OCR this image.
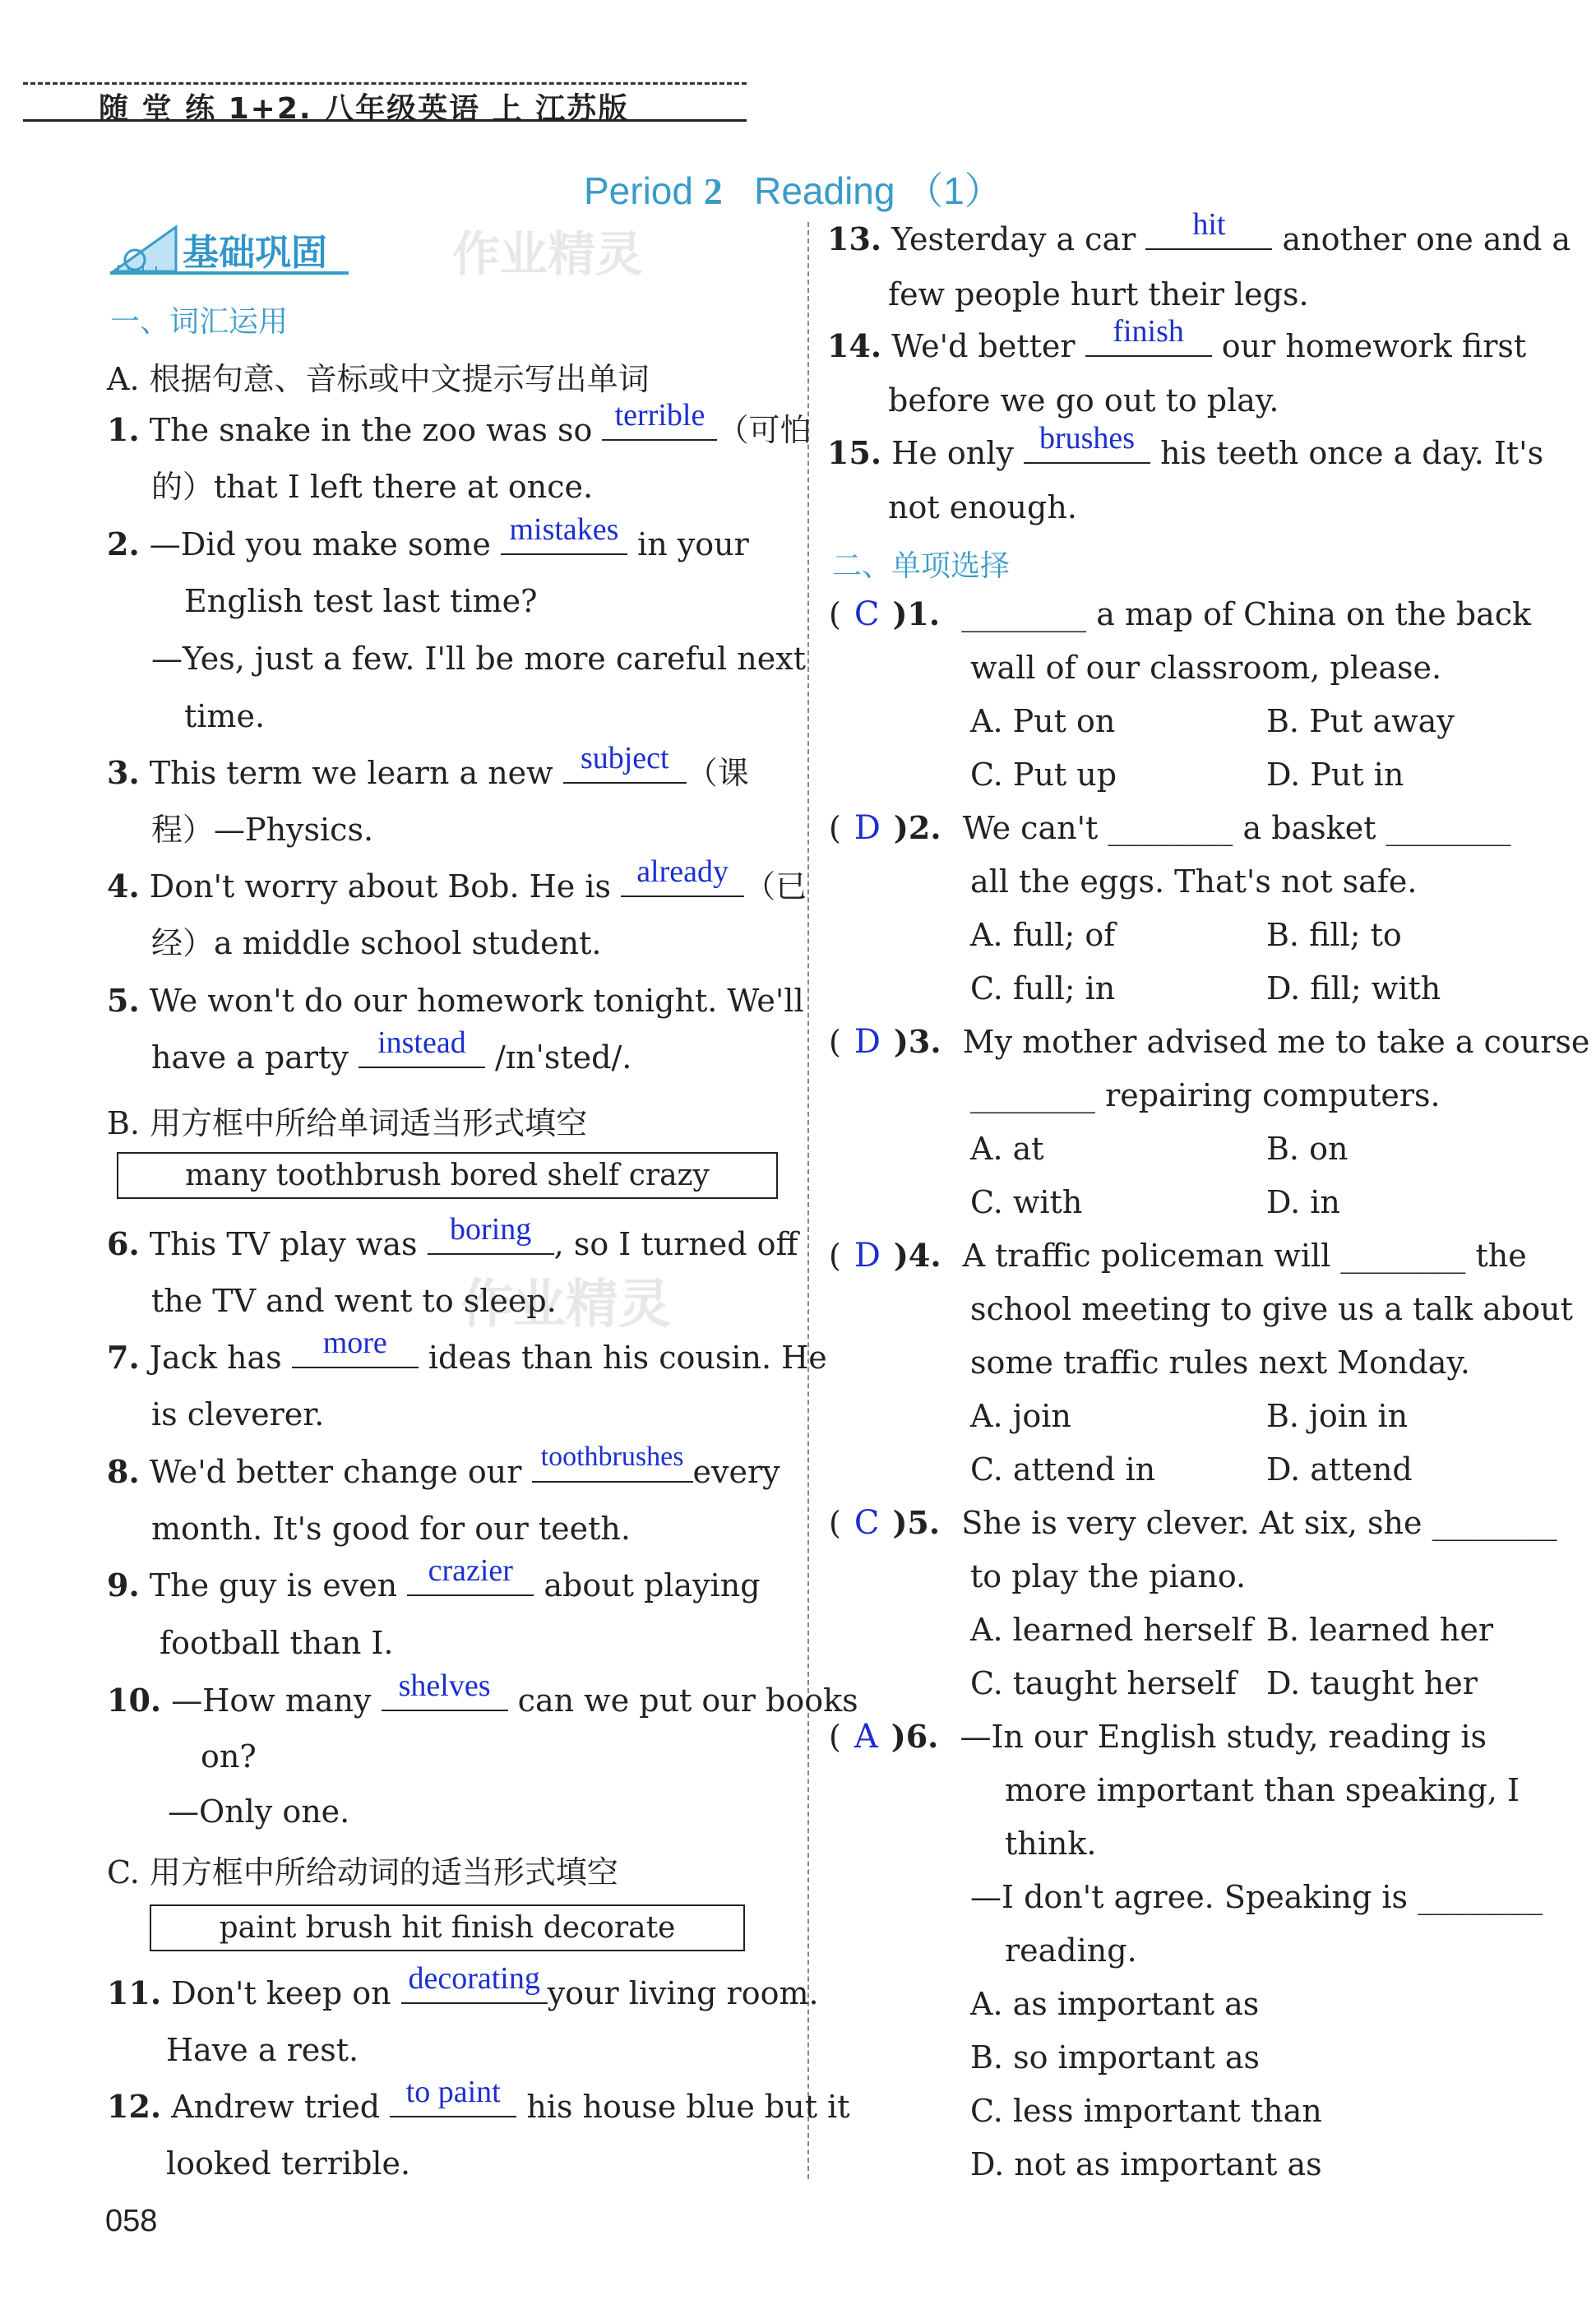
随 堂 练 1+2. 八年级英语 上 江苏版
Period 2 Reading （1）
基础巩固	作业精灵
作业精灵
一、词汇运用
A. 根据句意、音标或中文提示写出单词
1. The snake in the zoo was so terrible （可怕
的）that I left there at once.
2. —Did you make some mistakes in your
English test last time?
—Yes, just a few. I'll be more careful next
time.
3. This term we learn a new subject （课
程）—Physics.
4. Don't worry about Bob. He is already （已
经）a middle school student.
5. We won't do our homework tonight. We'll
have a party instead /ɪnˈsted/.
B. 用方框中所给单词适当形式填空
many toothbrush bored shelf crazy
6. This TV play was	boring , so I turned off
the TV and went to sleep.
7. Jack has	more	ideas than his cousin. He
is cleverer.
8. We'd better change our toothbrushes every
month. It's good for our teeth.
9. The guy is even crazier about playing
football than I.
10. —How many shelves can we put our books
on?
—Only one.
C. 用方框中所给动词的适当形式填空
paint brush hit finish decorate
11. Don't keep on decorating your living room.
Have a rest.
12. Andrew tried to paint his house blue but it
looked terrible.
13. Yesterday a car	hit	another one and a
few people hurt their legs.
14. We'd better	finish	our homework first
before we go out to play.
15. He only brushes his teeth once a day. It's
not enough.
二、单项选择
( C )1. ________ a map of China on the back
wall of our classroom, please.
A. Put on	B. Put away
C. Put up	D. Put in
( D )2. We can't ________ a basket ________
all the eggs. That's not safe.
A. full; of	B. fill; to
C. full; in	D. fill; with
( D )3. My mother advised me to take a course
________ repairing computers.
A. at	B. on
C. with	D. in
( D )4. A traffic policeman will ________ the
school meeting to give us a talk about
some traffic rules next Monday.
A. join	B. join in
C. attend in	D. attend
( C )5. She is very clever. At six, she ________
to play the piano.
A. learned herself B. learned her
C. taught herself D. taught her
( A )6. —In our English study, reading is
more important than speaking, I
think.
—I don't agree. Speaking is ________
reading.
A. as important as
B. so important as
C. less important than
D. not as important as
058
